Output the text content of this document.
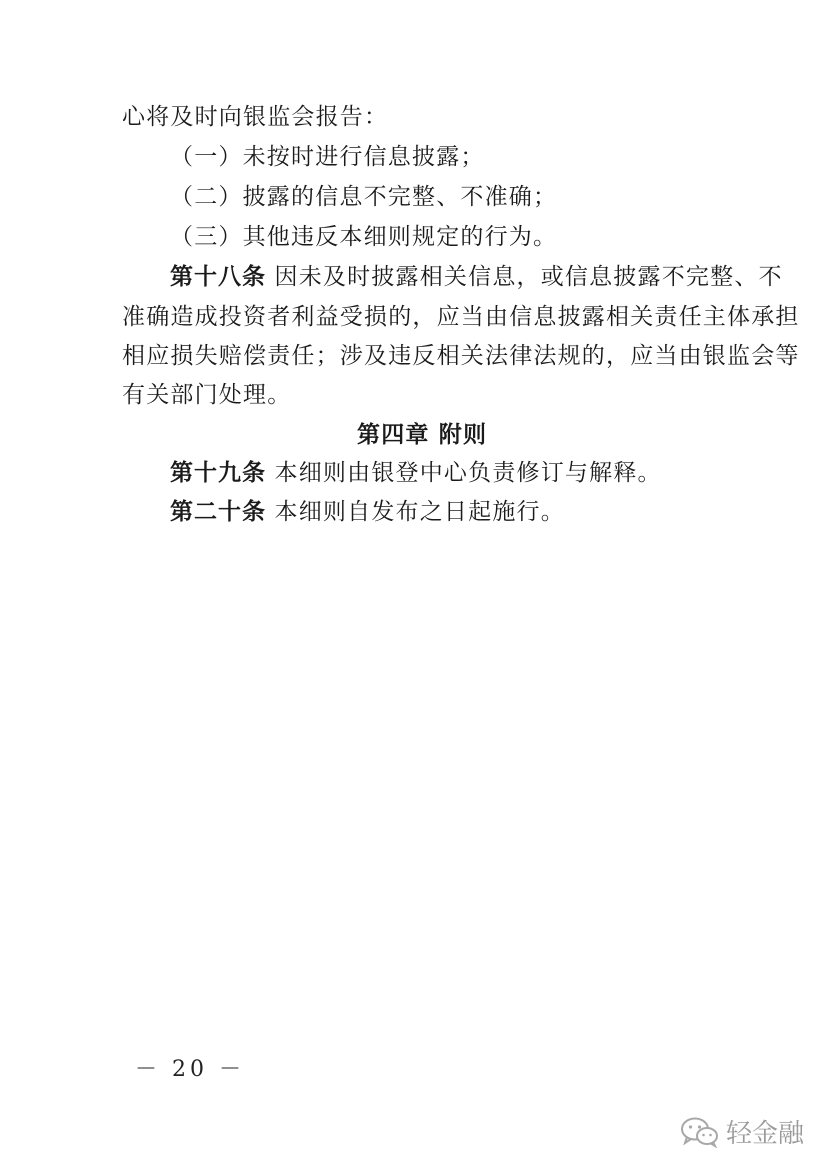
心将及时向银监会报告：
（一）未按时进行信息披露；
（二）披露的信息不完整、不准确；
（三）其他违反本细则规定的行为。
第十八条 因未及时披露相关信息，或信息披露不完整、不
准确造成投资者利益受损的，应当由信息披露相关责任主体承担
相应损失赔偿责任；涉及违反相关法律法规的，应当由银监会等
有关部门处理。
第四章 附则
第十九条 本细则由银登中心负责修订与解释。
第二十条 本细则自发布之日起施行。
－ 20 －
轻金融
